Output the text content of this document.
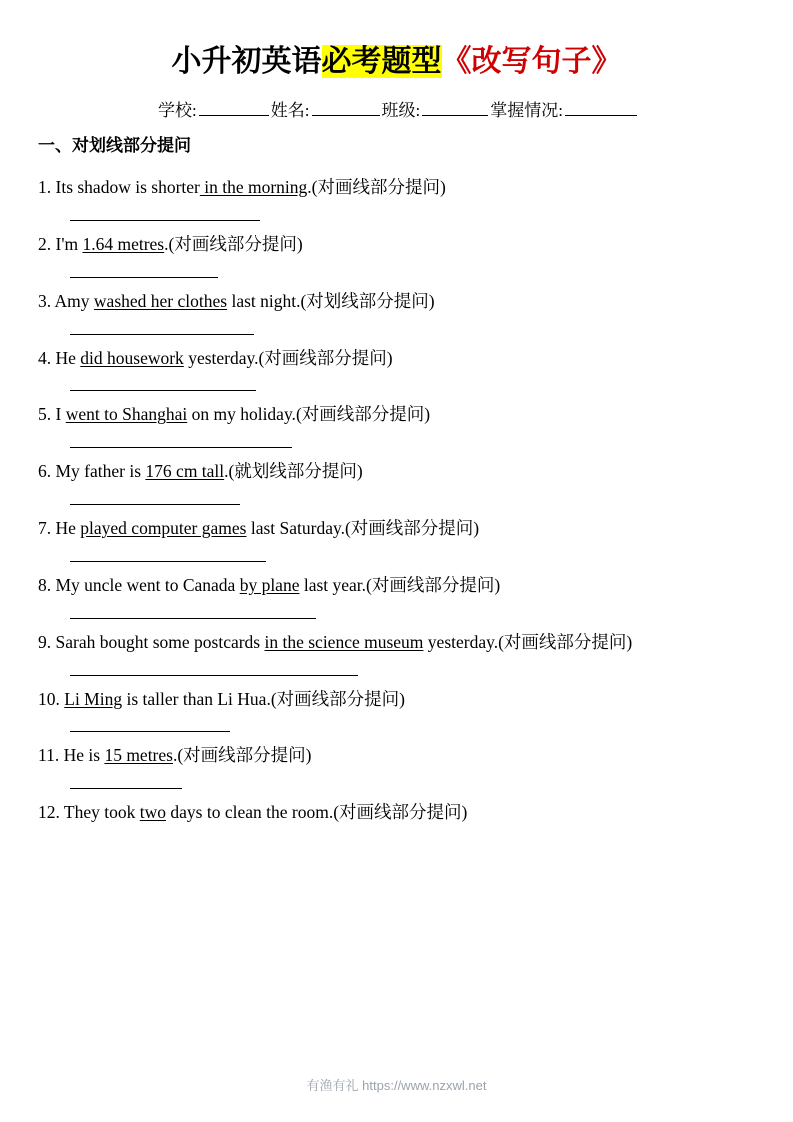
小升初英语必考题型《改写句子》
学校:	姓名:	班级:	掌握情况:
一、对划线部分提问
1. Its shadow is shorter in the morning.(对画线部分提问)
2. I'm 1.64 metres.(对画线部分提问)
3. Amy washed her clothes last night.(对划线部分提问)
4. He did housework yesterday.(对画线部分提问)
5. I went to Shanghai on my holiday.(对画线部分提问)
6. My father is 176 cm tall.(就划线部分提问)
7. He played computer games last Saturday.(对画线部分提问)
8. My uncle went to Canada by plane last year.(对画线部分提问)
9. Sarah bought some postcards in the science museum yesterday.(对画线部分提问)
10. Li Ming is taller than Li Hua.(对画线部分提问)
11. He is 15 metres.(对画线部分提问)
12. They took two days to clean the room.(对画线部分提问)
有渔有礼 https://www.nzxwl.net
